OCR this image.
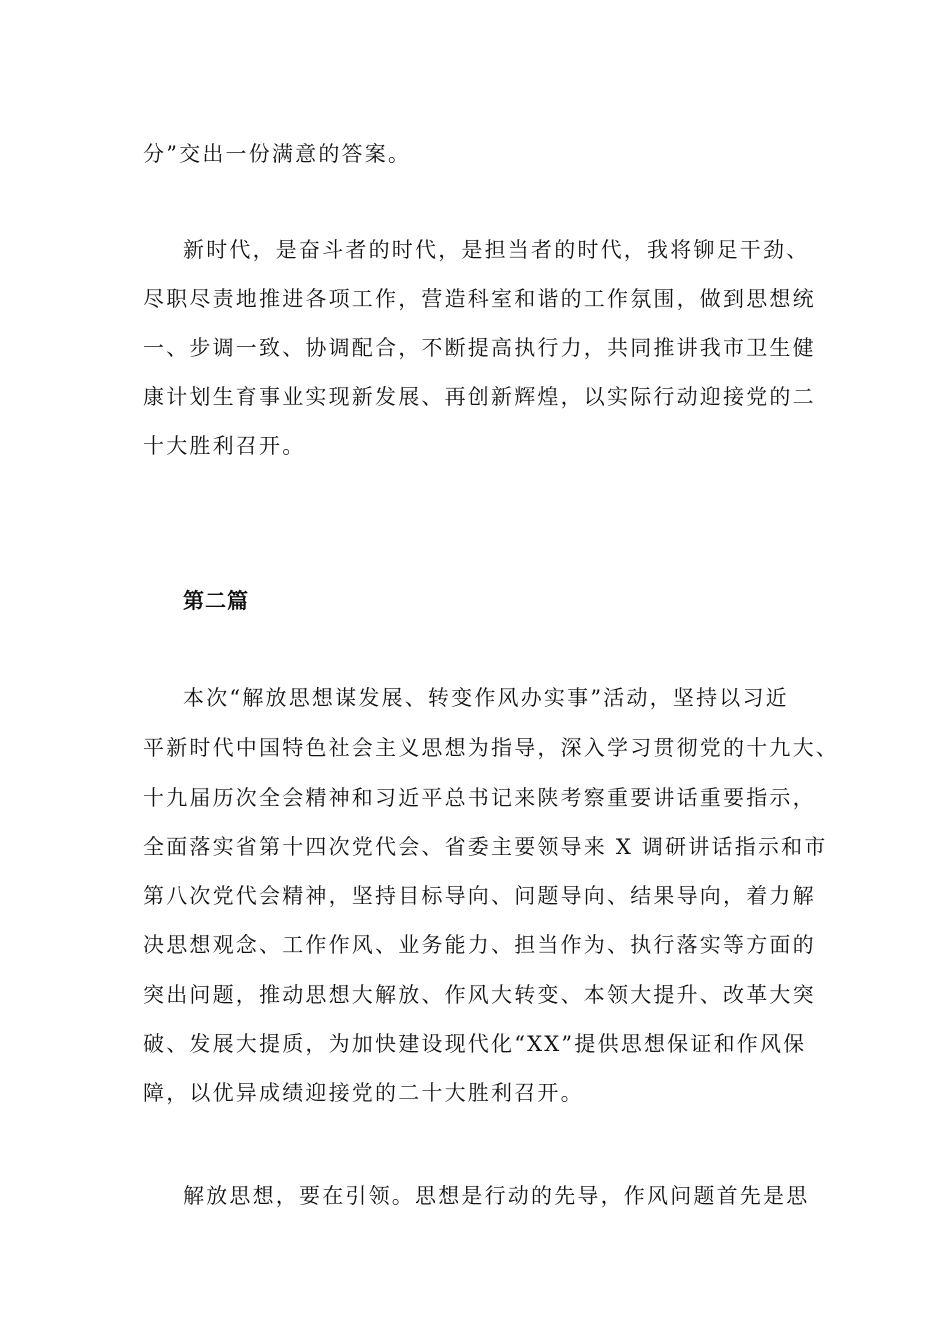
分”交出一份满意的答案。
新时代，是奋斗者的时代，是担当者的时代，我将铆足干劲、
尽职尽责地推进各项工作，营造科室和谐的工作氛围，做到思想统
一、步调一致、协调配合，不断提高执行力，共同推讲我市卫生健
康计划生育事业实现新发展、再创新辉煌，以实际行动迎接党的二
十大胜利召开。
第二篇
本次“解放思想谋发展、转变作风办实事”活动，坚持以习近
平新时代中国特色社会主义思想为指导，深入学习贯彻党的十九大、
十九届历次全会精神和习近平总书记来陕考察重要讲话重要指示，
全面落实省第十四次党代会、省委主要领导来 X 调研讲话指示和市
第八次党代会精神，坚持目标导向、问题导向、结果导向，着力解
决思想观念、工作作风、业务能力、担当作为、执行落实等方面的
突出问题，推动思想大解放、作风大转变、本领大提升、改革大突
破、发展大提质，为加快建设现代化“XX”提供思想保证和作风保
障，以优异成绩迎接党的二十大胜利召开。
解放思想，要在引领。思想是行动的先导，作风问题首先是思
